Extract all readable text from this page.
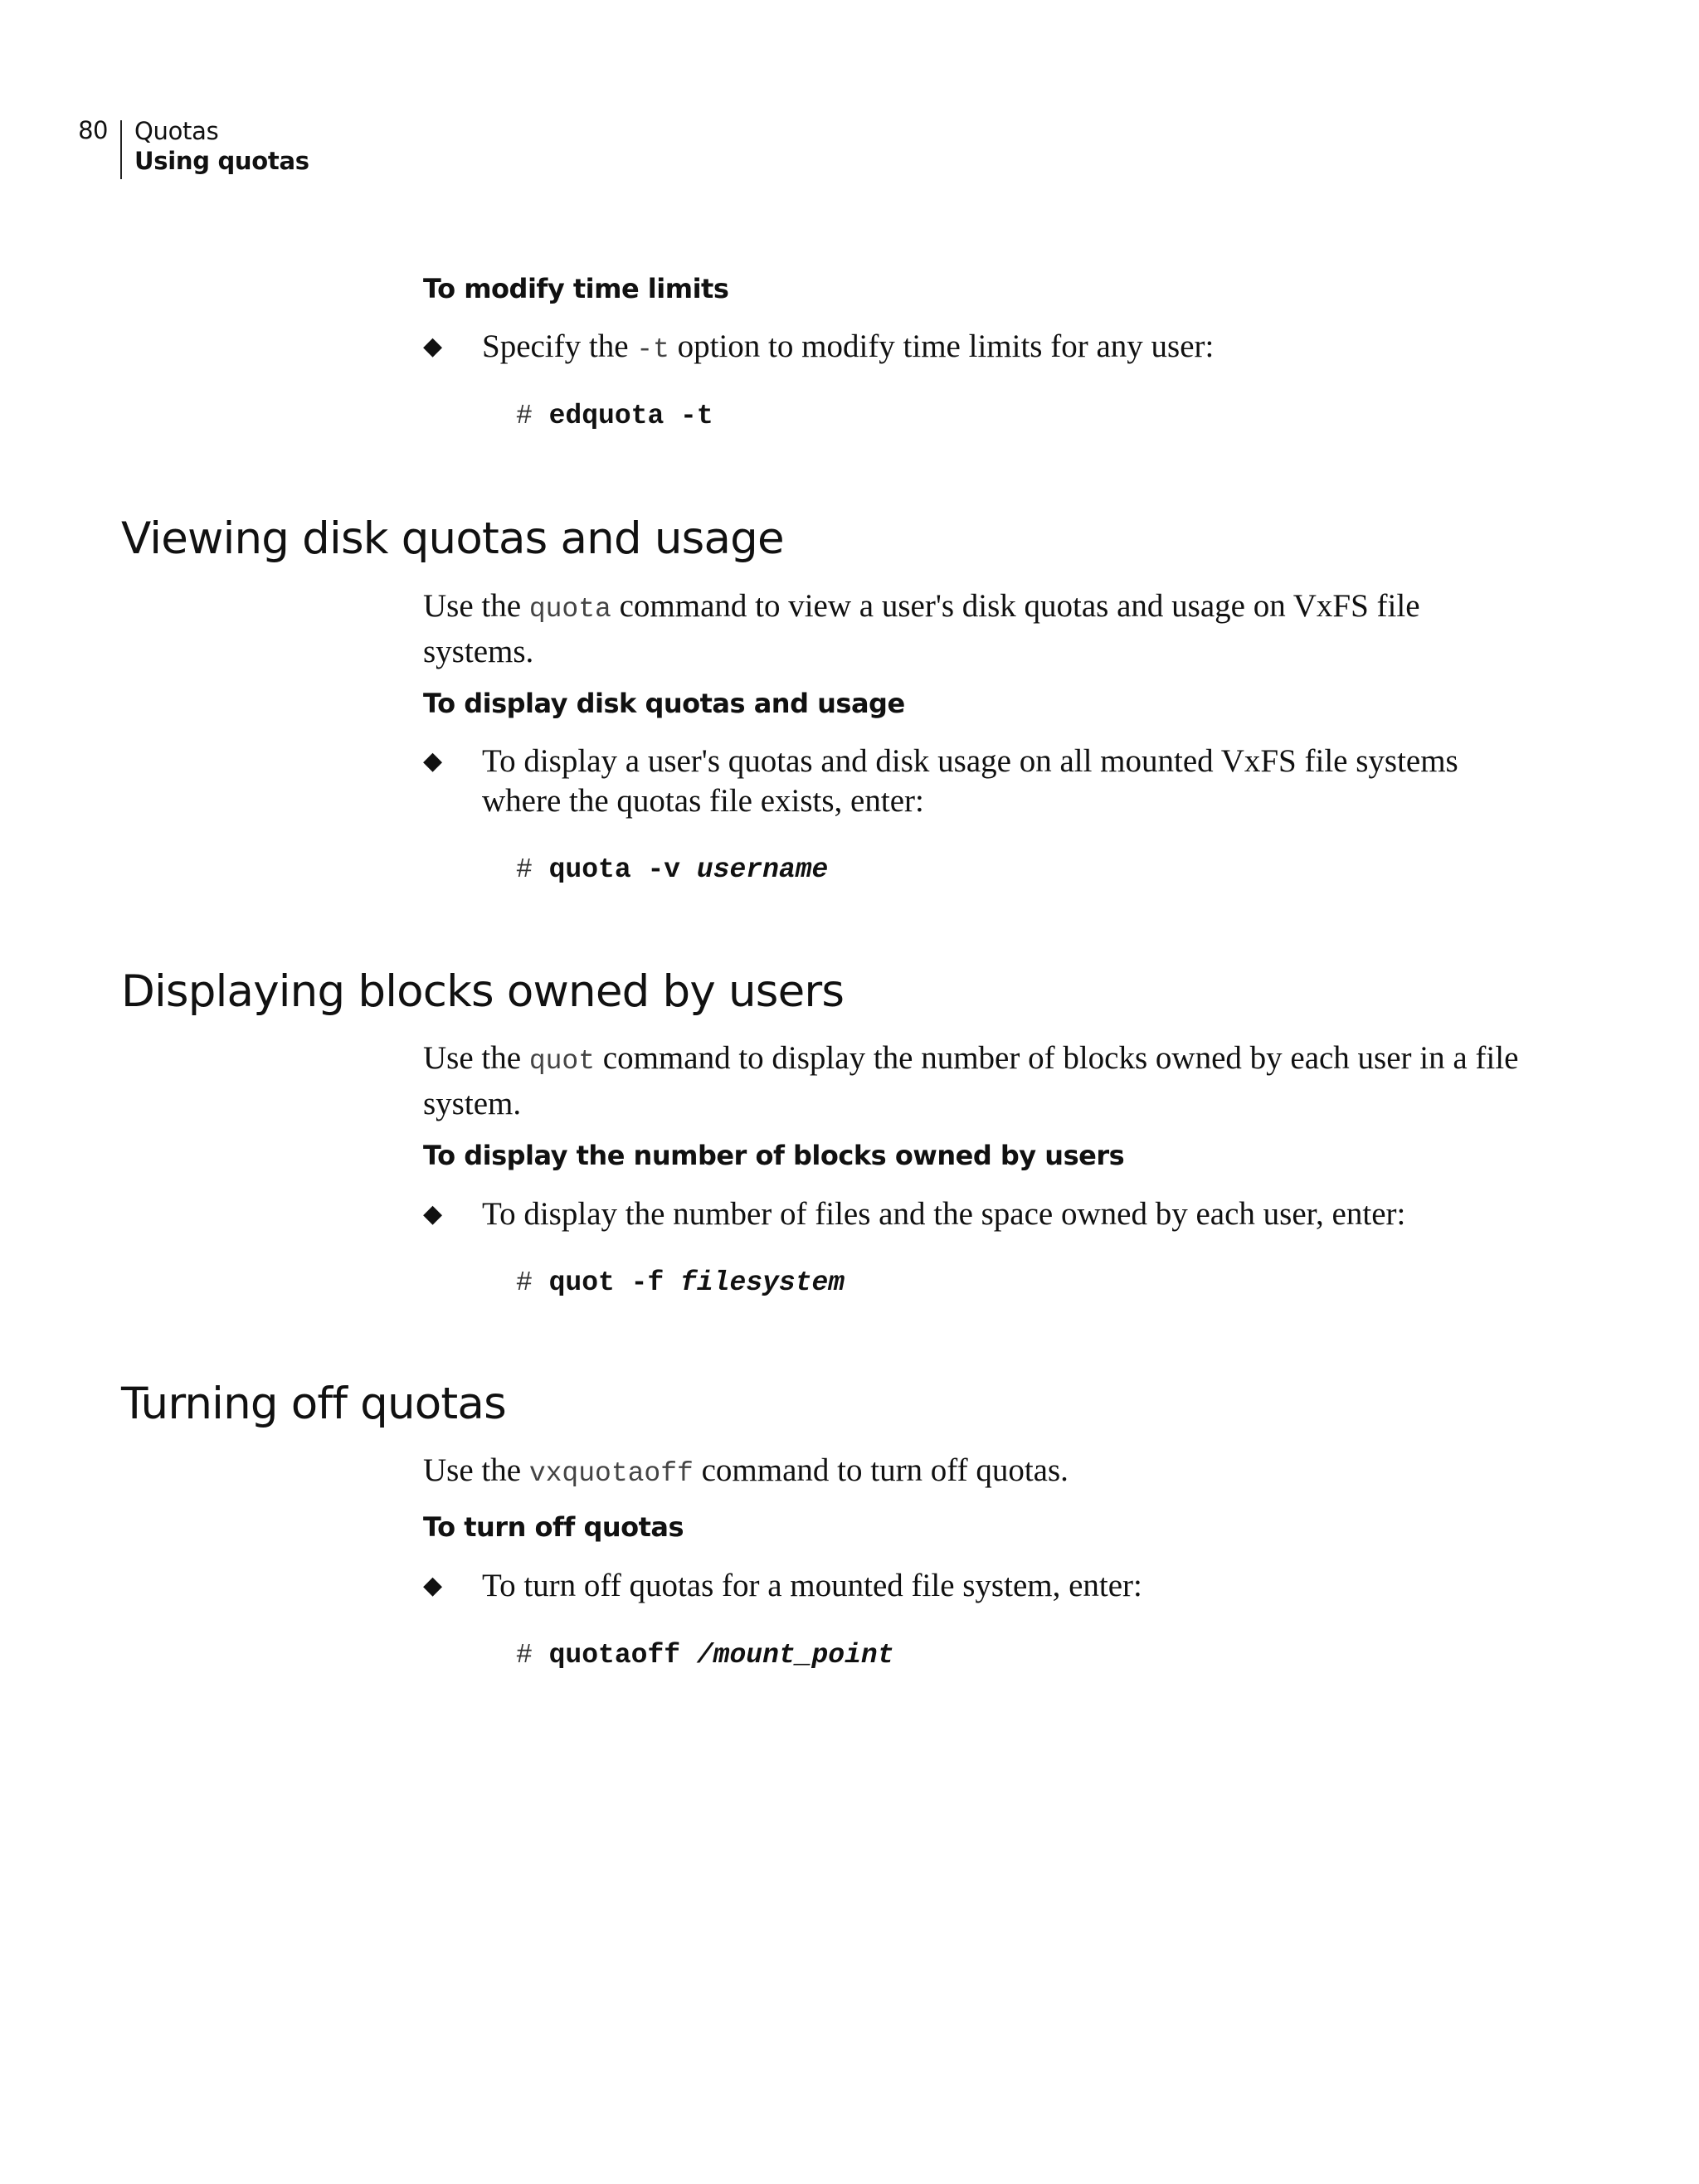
80 Quotas
Using quotas
To modify time limits
◆ Specify the -t option to modify time limits for any user:
# edquota -t
Viewing disk quotas and usage
Use the quota command to view a user's disk quotas and usage on VxFS file systems.
To display disk quotas and usage
◆ To display a user's quotas and disk usage on all mounted VxFS file systems where the quotas file exists, enter:
# quota -v username
Displaying blocks owned by users
Use the quot command to display the number of blocks owned by each user in a file system.
To display the number of blocks owned by users
◆ To display the number of files and the space owned by each user, enter:
# quot -f filesystem
Turning off quotas
Use the vxquotaoff command to turn off quotas.
To turn off quotas
◆ To turn off quotas for a mounted file system, enter:
# quotaoff /mount_point
